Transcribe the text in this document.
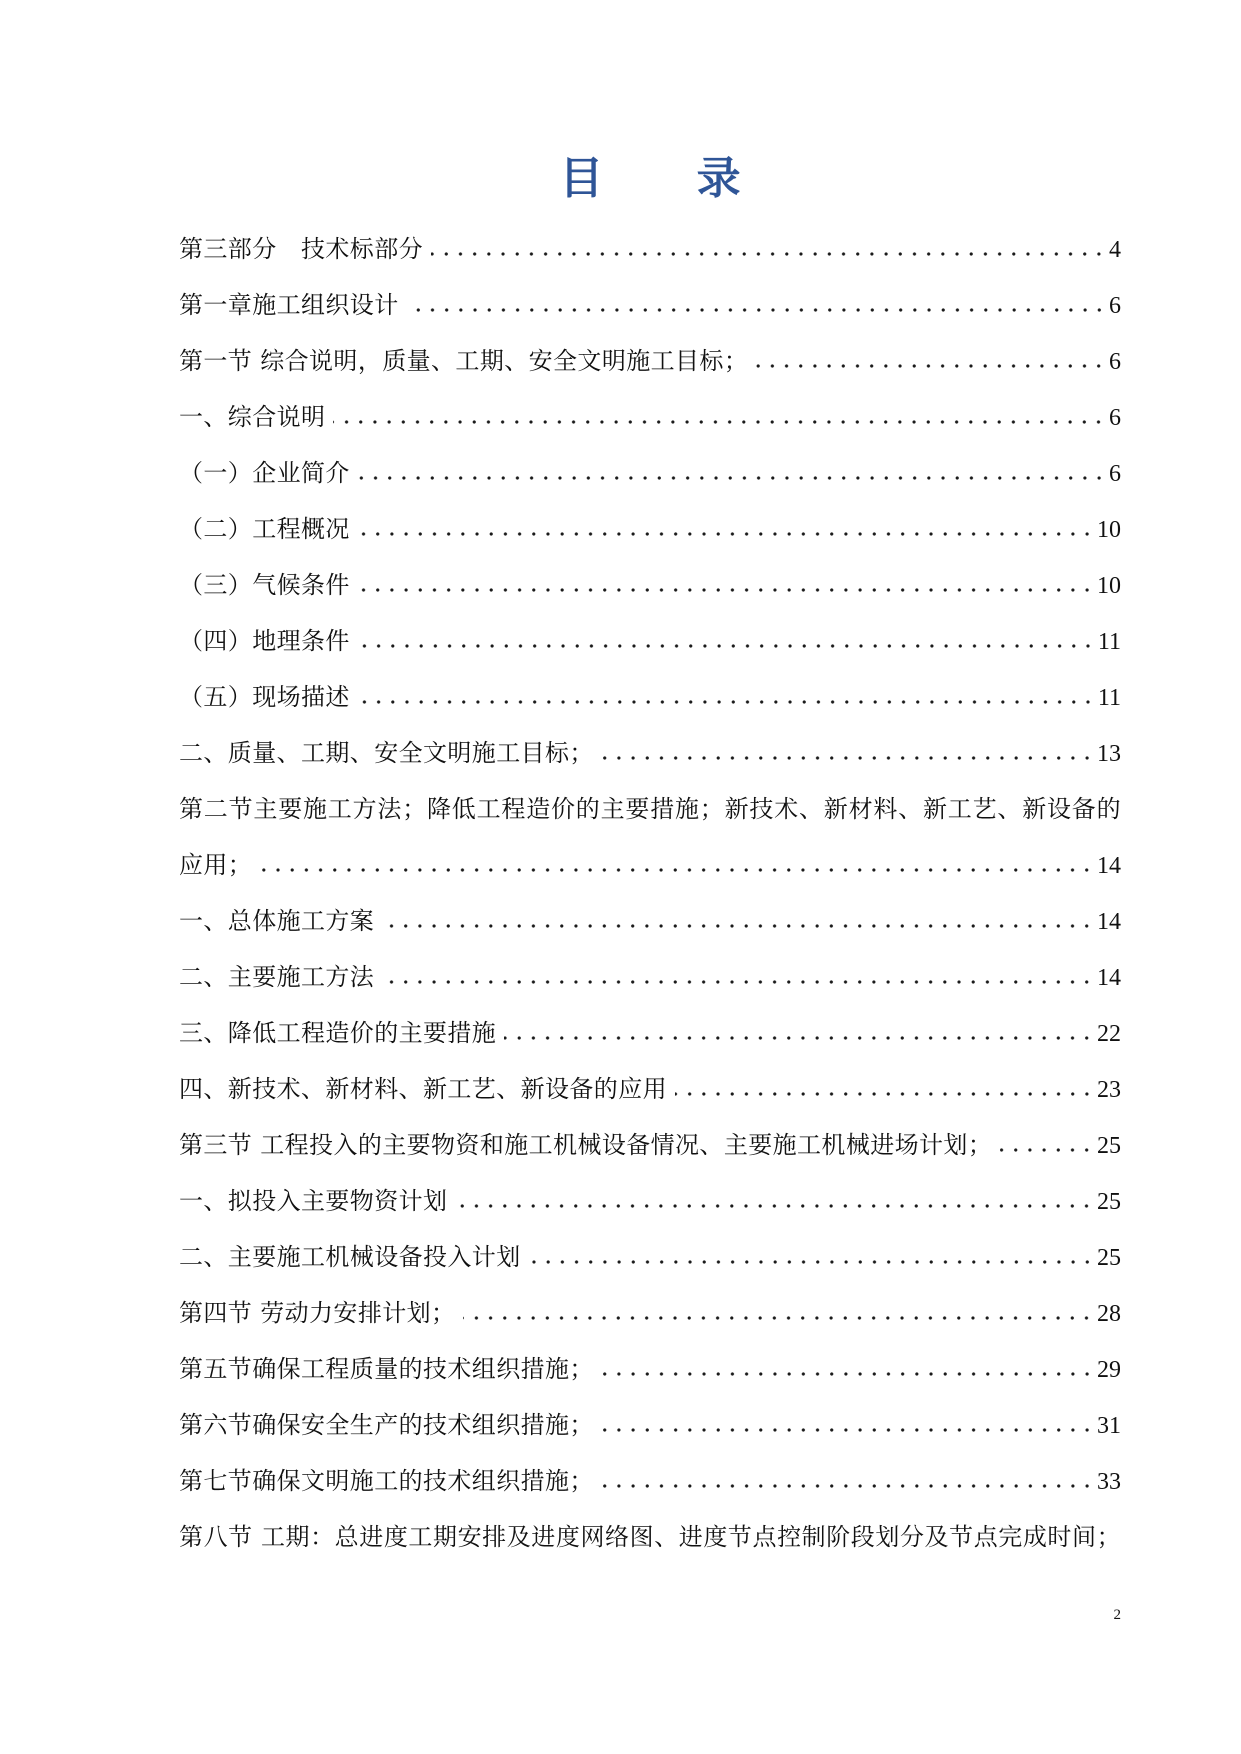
目 录
第三部分　技术标部分	4
第一章施工组织设计	6
第一节 综合说明，质量、工期、安全文明施工目标；	6
一、综合说明	6
（一）企业简介	6
（二）工程概况	10
（三）气候条件	10
（四）地理条件	11
（五）现场描述	11
二、质量、工期、安全文明施工目标；	13
第二节主要施工方法；降低工程造价的主要措施；新技术、新材料、新工艺、新设备的
应用；	14
一、总体施工方案	14
二、主要施工方法	14
三、降低工程造价的主要措施	22
四、新技术、新材料、新工艺、新设备的应用	23
第三节 工程投入的主要物资和施工机械设备情况、主要施工机械进场计划；	25
一、拟投入主要物资计划	25
二、主要施工机械设备投入计划	25
第四节 劳动力安排计划；	28
第五节确保工程质量的技术组织措施；	29
第六节确保安全生产的技术组织措施；	31
第七节确保文明施工的技术组织措施；	33
第八节 工期：总进度工期安排及进度网络图、进度节点控制阶段划分及节点完成时间；
2
